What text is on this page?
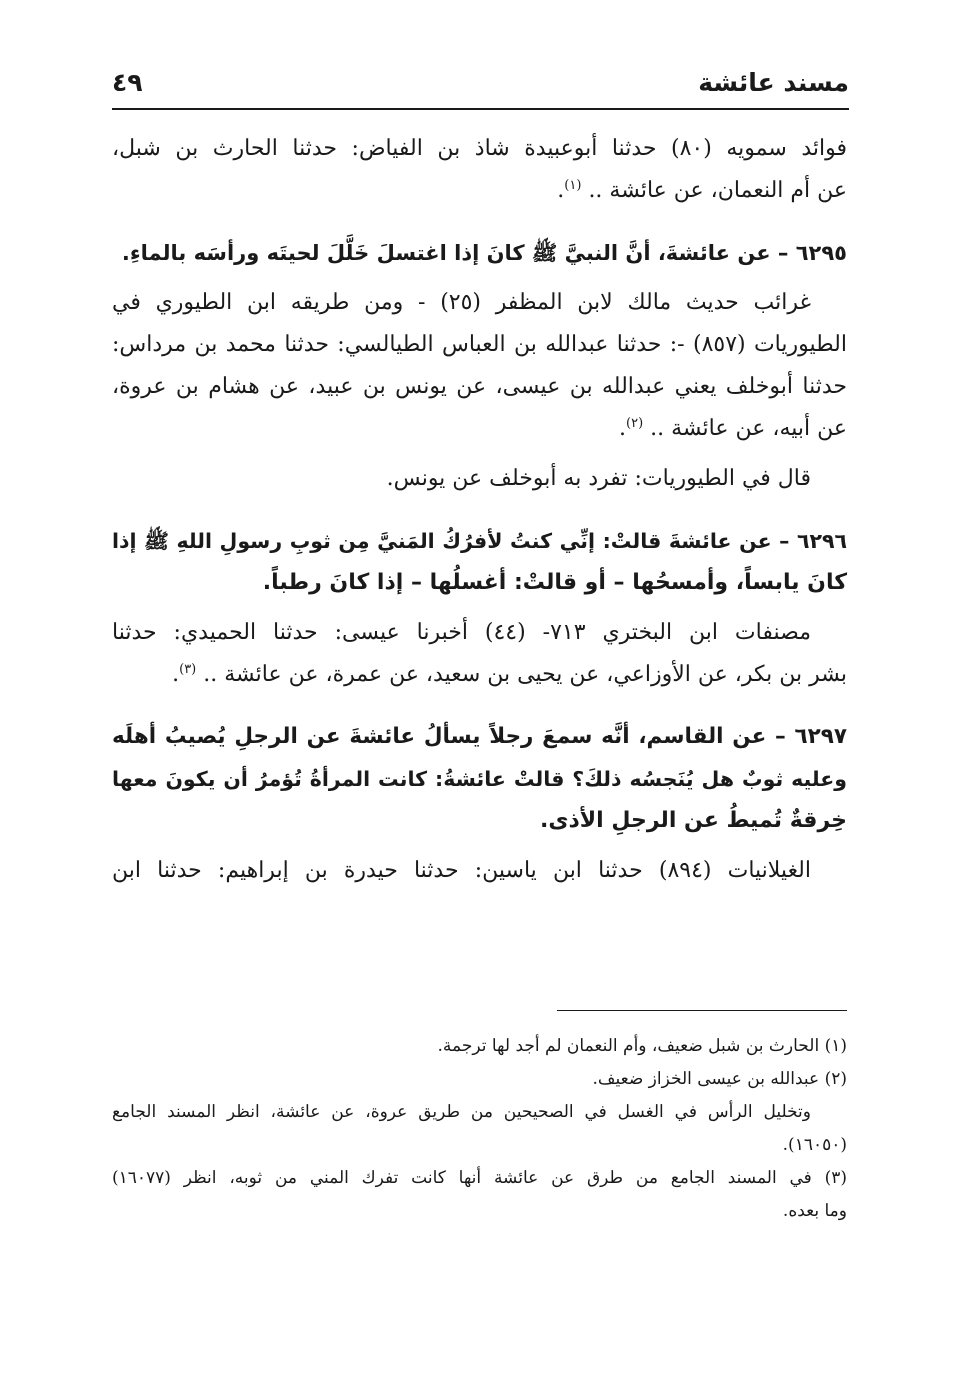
مسند عائشة
٤٩
فوائد سمويه (٨٠) حدثنا أبوعبيدة شاذ بن الفياض: حدثنا الحارث بن شبل،
عن أم النعمان، عن عائشة .. $^{(١)}$.
٦٢٩٥ – عن عائشةَ، أنَّ النبيَّ ﷺ كانَ إذا اغتسلَ خَلَّلَ لحيتَه ورأسَه بالماءِ.
غرائب حديث مالك لابن المظفر (٢٥) - ومن طريقه ابن الطيوري في
الطيوريات (٨٥٧) -: حدثنا عبدالله بن العباس الطيالسي: حدثنا محمد بن مرداس:
حدثنا أبوخلف يعني عبدالله بن عيسى، عن يونس بن عبيد، عن هشام بن عروة،
عن أبيه، عن عائشة .. $^{(٢)}$.
قال في الطيوريات: تفرد به أبوخلف عن يونس.
٦٢٩٦ – عن عائشةَ قالتْ: إنِّي كنتُ لأفرُكُ المَنيَّ مِن ثوبِ رسولِ اللهِ ﷺ إذا
كانَ يابساً، وأمسحُها – أو قالتْ: أغسلُها – إذا كانَ رطباً.
مصنفات ابن البختري ٧١٣- (٤٤) أخبرنا عيسى: حدثنا الحميدي: حدثنا
بشر بن بكر، عن الأوزاعي، عن يحيى بن سعيد، عن عمرة، عن عائشة .. $^{(٣)}$.
٦٢٩٧ – عن القاسم، أنَّه سمعَ رجلاً يسألُ عائشةَ عن الرجلِ يُصيبُ أهلَه
وعليه ثوبٌ هل يُنَجسُه ذلكَ؟ قالتْ عائشةُ: كانت المرأةُ تُؤمرُ أن يكونَ معها
خِرقةٌ تُميطُ عن الرجلِ الأذى.
الغيلانيات (٨٩٤) حدثنا ابن ياسين: حدثنا حيدرة بن إبراهيم: حدثنا ابن
(١) الحارث بن شبل ضعيف، وأم النعمان لم أجد لها ترجمة.
(٢) عبدالله بن عيسى الخزاز ضعيف.
وتخليل الرأس في الغسل في الصحيحين من طريق عروة، عن عائشة، انظر المسند الجامع
(١٦٠٥٠).
(٣) في المسند الجامع من طرق عن عائشة أنها كانت تفرك المني من ثوبه، انظر (١٦٠٧٧)
وما بعده.
